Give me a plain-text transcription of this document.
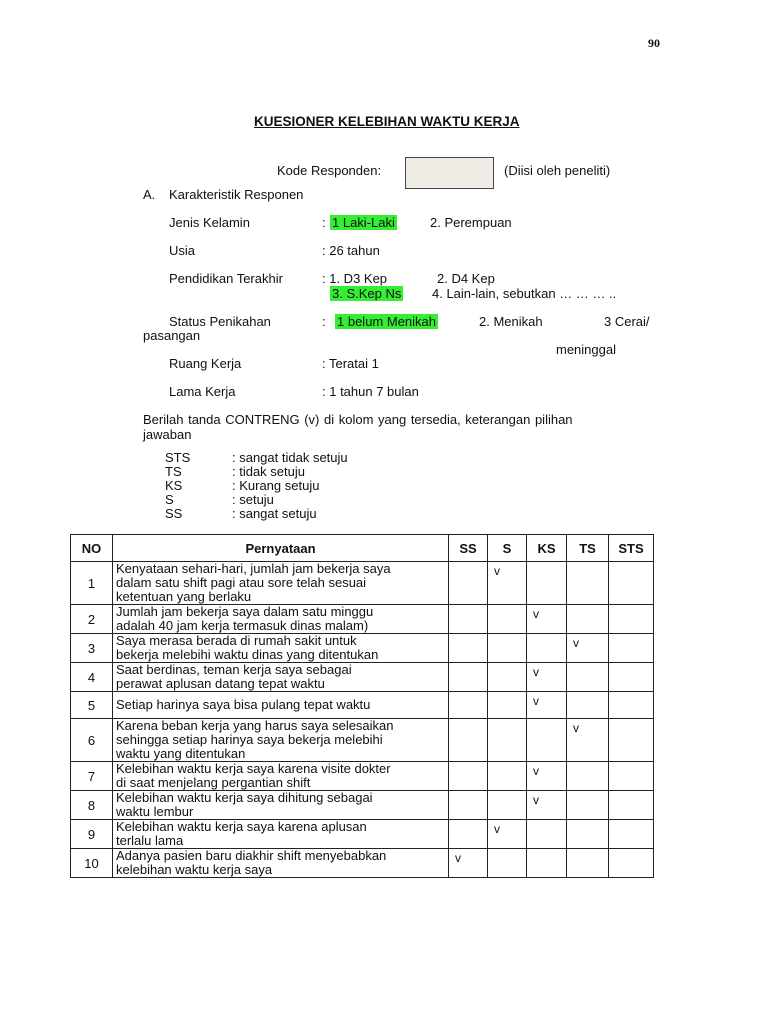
90
KUESIONER KELEBIHAN WAKTU KERJA
Kode Responden:	(Diisi oleh peneliti)
A. Karakteristik Responen
Jenis Kelamin	: 1 Laki-Laki	2. Perempuan
Usia	: 26 tahun
Pendidikan Terakhir	: 1. D3 Kep	2. D4 Kep
3. S.Kep Ns 4. Lain-lain, sebutkan … … … ..
Status Penikahan	: 1 belum Menikah	2. Menikah	3 Cerai/
pasangan
meninggal
Ruang Kerja	: Teratai 1
Lama Kerja	: 1 tahun 7 bulan
Berilah tanda CONTRENG (v) di kolom yang tersedia, keterangan pilihan
jawaban
STS	: sangat tidak setuju
TS	: tidak setuju
KS	: Kurang setuju
S	: setuju
SS	: sangat setuju
NO	Pernyataan	SS	S	KS	TS	STS
1	Kenyataan sehari-hari, jumlah jam bekerja saya
dalam satu shift pagi atau sore telah sesuai
ketentuan yang berlaku		v			

2	Jumlah jam bekerja saya dalam satu minggu
adalah 40 jam kerja termasuk dinas malam)			v		

3	Saya merasa berada di rumah sakit untuk
bekerja melebihi waktu dinas yang ditentukan				v	

4	Saat berdinas, teman kerja saya sebagai
perawat aplusan datang tepat waktu			v		

5	Setiap harinya saya bisa pulang tepat waktu			v		

6	Karena beban kerja yang harus saya selesaikan
sehingga setiap harinya saya bekerja melebihi
waktu yang ditentukan				v	

7	Kelebihan waktu kerja saya karena visite dokter
di saat menjelang pergantian shift			v		

8	Kelebihan waktu kerja saya dihitung sebagai
waktu lembur			v		

9	Kelebihan waktu kerja saya karena aplusan
terlalu lama		v			

10	Adanya pasien baru diakhir shift menyebabkan
kelebihan waktu kerja saya	v				
